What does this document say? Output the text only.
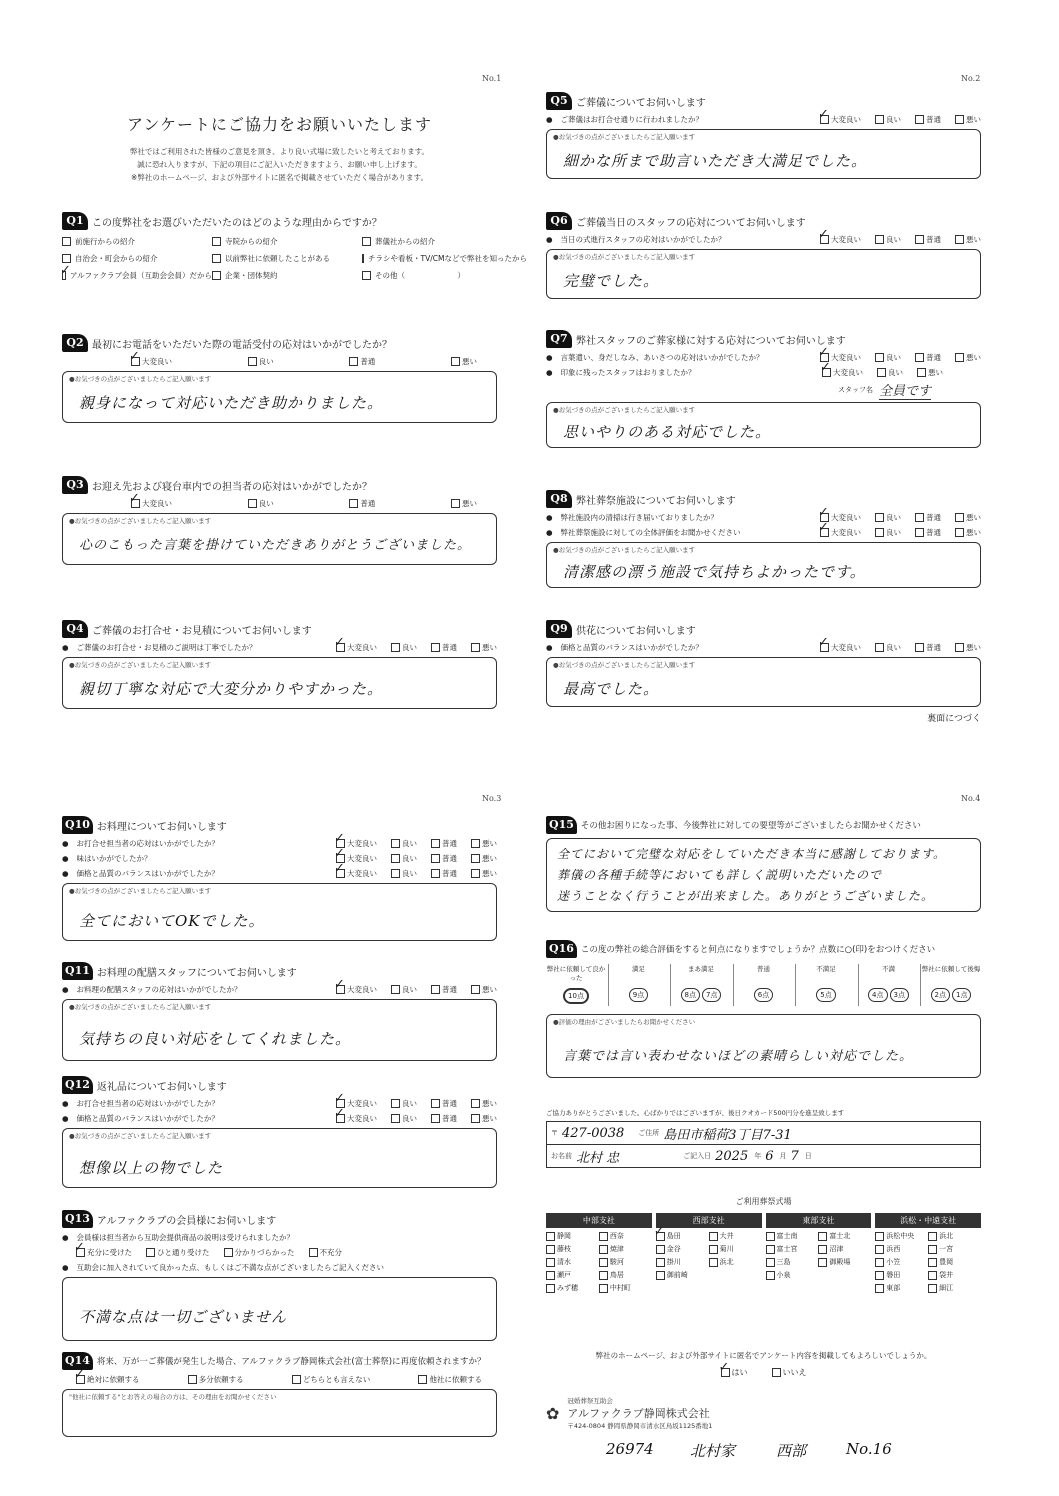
No.1
アンケートにご協力をお願いいたします
弊社ではご利用された皆様のご意見を頂き、より良い式場に致したいと考えております。
誠に恐れ入りますが、下記の項目にご記入いただきますよう、お願い申し上げます。
※弊社のホームページ、および外部サイトに匿名で掲載させていただく場合があります。
Q1 この度弊社をお選びいただいたのはどのような理由からですか？
前施行からの紹介	寺院からの紹介	葬儀社からの紹介
自治会・町会からの紹介	以前弊社に依頼したことがある	チラシや看板・TV/CMなどで弊社を知ったから
✓
アルファクラブ会員（互助会会員）だから 企業・団体契約	その他（　　　　　　　）
Q2 最初にお電話をいただいた際の電話受付の応対はいかがでしたか？
✓
大変良い	良い	普通	悪い
●お気づきの点がございましたらご記入願います
親身になって対応いただき助かりました。
Q3 お迎え先および寝台車内での担当者の応対はいかがでしたか？
✓
大変良い	良い	普通	悪い
●お気づきの点がございましたらご記入願います
心のこもった言葉を掛けていただきありがとうございました。
Q4 ご葬儀のお打合せ・お見積についてお伺いします
● ご葬儀のお打合せ・お見積のご説明は丁寧でしたか？ ✓	大変良い	良い	普通	悪い
●お気づきの点がございましたらご記入願います
親切丁寧な対応で大変分かりやすかった。
No.2
Q5 ご葬儀についてお伺いします
● ご葬儀はお打合せ通りに行われましたか？ ✓	大変良い	良い	普通	悪い
●お気づきの点がございましたらご記入願います
細かな所まで助言いただき大満足でした。
Q6 ご葬儀当日のスタッフの応対についてお伺いします
● 当日の式進行スタッフの応対はいかがでしたか？ ✓	大変良い	良い	普通	悪い
●お気づきの点がございましたらご記入願います
完璧でした。
Q7 弊社スタッフのご葬家様に対する応対についてお伺いします
● 言葉遣い、身だしなみ、あいさつの応対はいかがでしたか？ ✓	大変良い	良い	普通	悪い
● 印象に残ったスタッフはおりましたか？ ✓	大変良い	良い	悪い
スタッフ名 全員です
●お気づきの点がございましたらご記入願います
思いやりのある対応でした。
Q8 弊社葬祭施設についてお伺いします
● 弊社施設内の清掃は行き届いておりましたか？ ✓	大変良い	良い	普通	悪い
● 弊社葬祭施設に対しての全体評価をお聞かせください ✓	大変良い	良い	普通	悪い
●お気づきの点がございましたらご記入願います
清潔感の漂う施設で気持ちよかったです。
Q9 供花についてお伺いします
● 価格と品質のバランスはいかがでしたか？ ✓	大変良い	良い	普通	悪い
●お気づきの点がございましたらご記入願います
最高でした。
裏面につづく
No.3
Q10 お料理についてお伺いします
● お打合せ担当者の応対はいかがでしたか？ ✓	大変良い	良い	普通	悪い
● 味はいかがでしたか？ ✓	大変良い	良い	普通	悪い
● 価格と品質のバランスはいかがでしたか？ ✓	大変良い	良い	普通	悪い
●お気づきの点がございましたらご記入願います
全てにおいてOKでした。
Q11 お料理の配膳スタッフについてお伺いします
● お料理の配膳スタッフの応対はいかがでしたか？ ✓	大変良い	良い	普通	悪い
●お気づきの点がございましたらご記入願います
気持ちの良い対応をしてくれました。
Q12 返礼品についてお伺いします
● お打合せ担当者の応対はいかがでしたか？ ✓	大変良い	良い	普通	悪い
● 価格と品質のバランスはいかがでしたか？ ✓	大変良い	良い	普通	悪い
●お気づきの点がございましたらご記入願います
想像以上の物でした
Q13 アルファクラブの会員様にお伺いします
● 会員様は担当者から互助会提供商品の説明は受けられましたか？
✓
充分に受けた	ひと通り受けた	分かりづらかった	不充分
● 互助会に加入されていて良かった点、もしくはご不満な点がございましたらご記入ください
不満な点は一切ございません
Q14 将来、万が一ご葬儀が発生した場合、アルファクラブ静岡株式会社(富士葬祭)に再度依頼されますか？
✓
絶対に依頼する	多分依頼する	どちらとも言えない	他社に依頼する
"他社に依頼する"とお答えの場合の方は、その理由をお聞かせください
No.4
Q15 その他お困りになった事、今後弊社に対しての要望等がございましたらお聞かせください
全てにおいて完璧な対応をしていただき本当に感謝しております。
葬儀の各種手続等においても詳しく説明いただいたので
迷うことなく行うことが出来ました。ありがとうございました。
Q16 この度の弊社の総合評価をすると何点になりますでしょうか？点数に○(印)をおつけください
弊社に依頼して良かった
10点
満足
9点
まあ満足
8点 7点
普通
6点
不満足
5点
不満
4点 3点
弊社に依頼して後悔
2点 1点
●評価の理由がございましたらお聞かせください
言葉では言い表わせないほどの素晴らしい対応でした。
ご協力ありがとうございました。心ばかりではございますが、後日クオカード500円分を進呈致します
〒 427-0038	ご住所 島田市稲荷3丁目7-31
お名前 北村 忠	ご記入日 2025 年 6 月 7 日
ご利用葬祭式場
中部支社
静岡	西奈
藤枝	焼津
清水	駿河
瀬戸	鳥居
みず穂	中村町
西部支社
✓
島田	大井
金谷	菊川
掛川	浜北
御前崎
東部支社
富士南	富士北
富士宮	沼津
三島	御殿場
小泉
浜松・中遠支社
浜松中央	浜北
浜西	一宮
小笠	豊岡
磐田	袋井
東部	細江
弊社のホームページ、および外部サイトに匿名でアンケート内容を掲載してもよろしいでしょうか。
✓
はい	いいえ
✿
冠婚葬祭互助会
アルファクラブ静岡株式会社
〒424-0804 静岡県静岡市清水区鳥坂1125番地1
26974 北村家	西部	No.16
